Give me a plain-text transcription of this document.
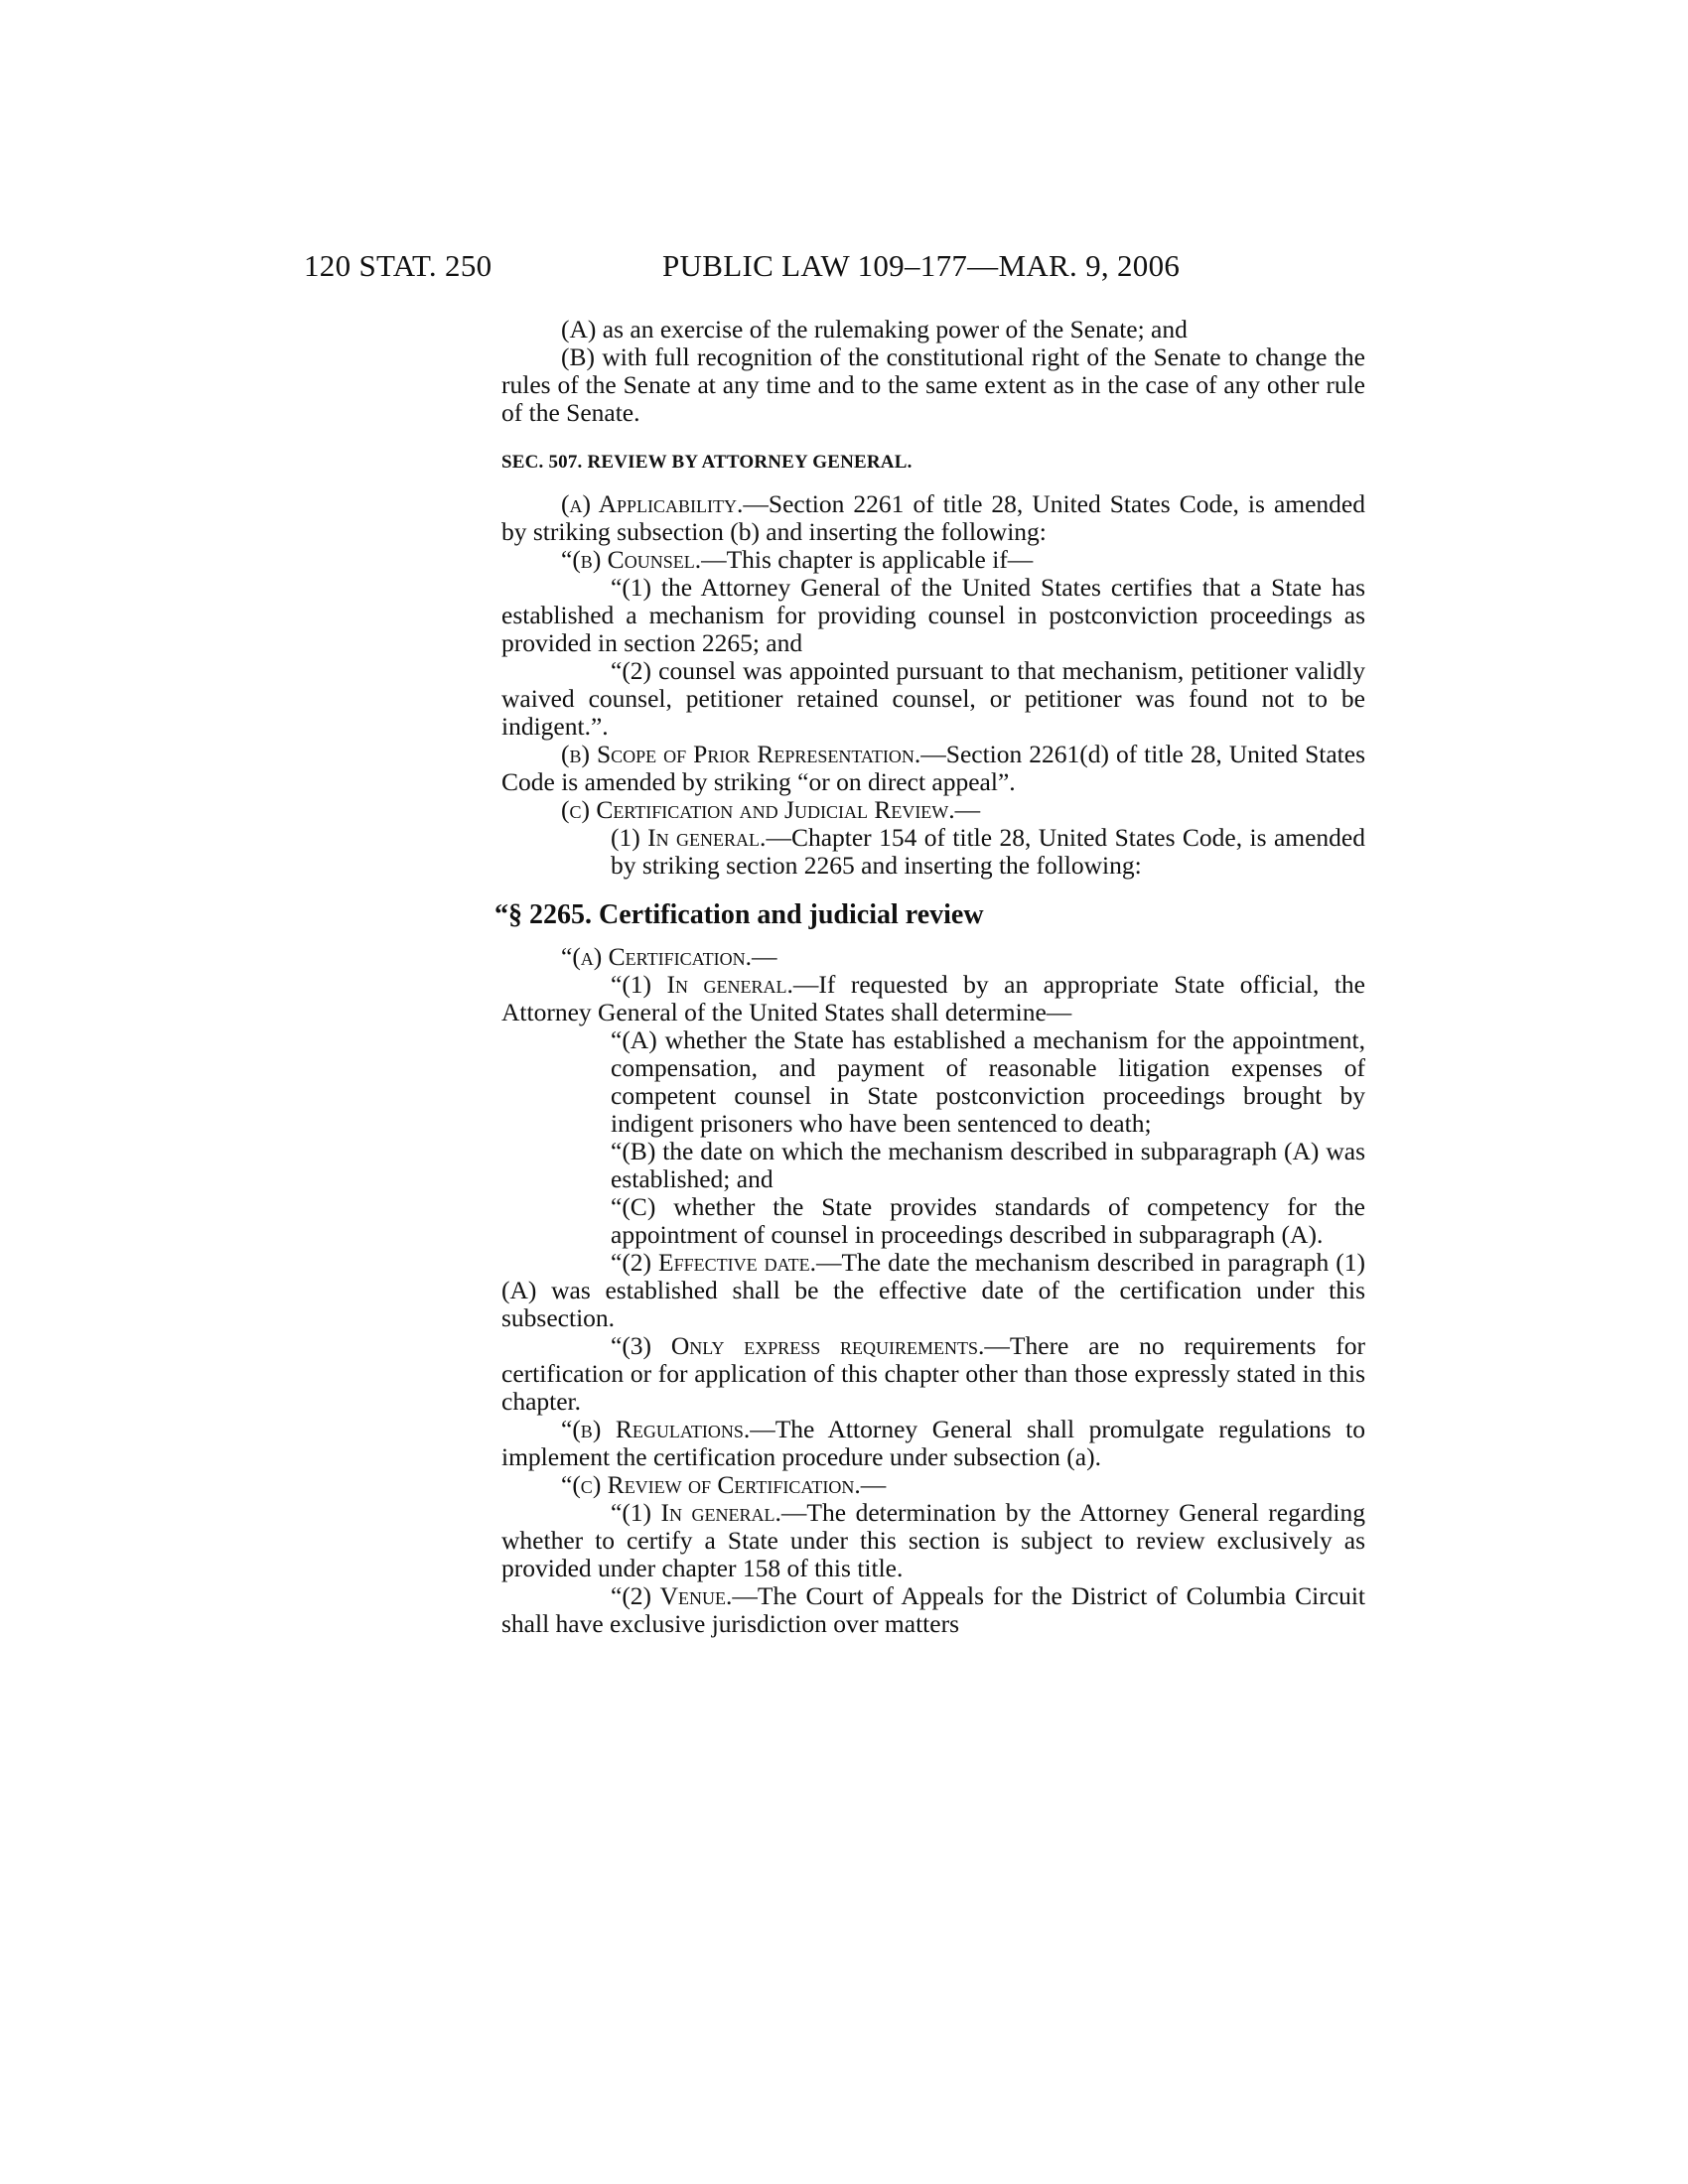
120 STAT. 250	PUBLIC LAW 109–177—MAR. 9, 2006

(A) as an exercise of the rulemaking power of the Senate; and

(B) with full recognition of the constitutional right of the Senate to change the rules of the Senate at any time and to the same extent as in the case of any other rule of the Senate.

SEC. 507. REVIEW BY ATTORNEY GENERAL.

(a) Applicability.—Section 2261 of title 28, United States Code, is amended by striking subsection (b) and inserting the following:

“(b) Counsel.—This chapter is applicable if—

“(1) the Attorney General of the United States certifies that a State has established a mechanism for providing counsel in postconviction proceedings as provided in section 2265; and

“(2) counsel was appointed pursuant to that mechanism, petitioner validly waived counsel, petitioner retained counsel, or petitioner was found not to be indigent.”.

(b) Scope of Prior Representation.—Section 2261(d) of title 28, United States Code is amended by striking “or on direct appeal”.

(c) Certification and Judicial Review.—

(1) In general.—Chapter 154 of title 28, United States Code, is amended by striking section 2265 and inserting the following:

“§ 2265. Certification and judicial review

“(a) Certification.—

“(1) In general.—If requested by an appropriate State official, the Attorney General of the United States shall determine—

“(A) whether the State has established a mechanism for the appointment, compensation, and payment of reasonable litigation expenses of competent counsel in State postconviction proceedings brought by indigent prisoners who have been sentenced to death;

“(B) the date on which the mechanism described in subparagraph (A) was established; and

“(C) whether the State provides standards of competency for the appointment of counsel in proceedings described in subparagraph (A).

“(2) Effective date.—The date the mechanism described in paragraph (1)(A) was established shall be the effective date of the certification under this subsection.

“(3) Only express requirements.—There are no requirements for certification or for application of this chapter other than those expressly stated in this chapter.

“(b) Regulations.—The Attorney General shall promulgate regulations to implement the certification procedure under subsection (a).

“(c) Review of Certification.—

“(1) In general.—The determination by the Attorney General regarding whether to certify a State under this section is subject to review exclusively as provided under chapter 158 of this title.

“(2) Venue.—The Court of Appeals for the District of Columbia Circuit shall have exclusive jurisdiction over matters
